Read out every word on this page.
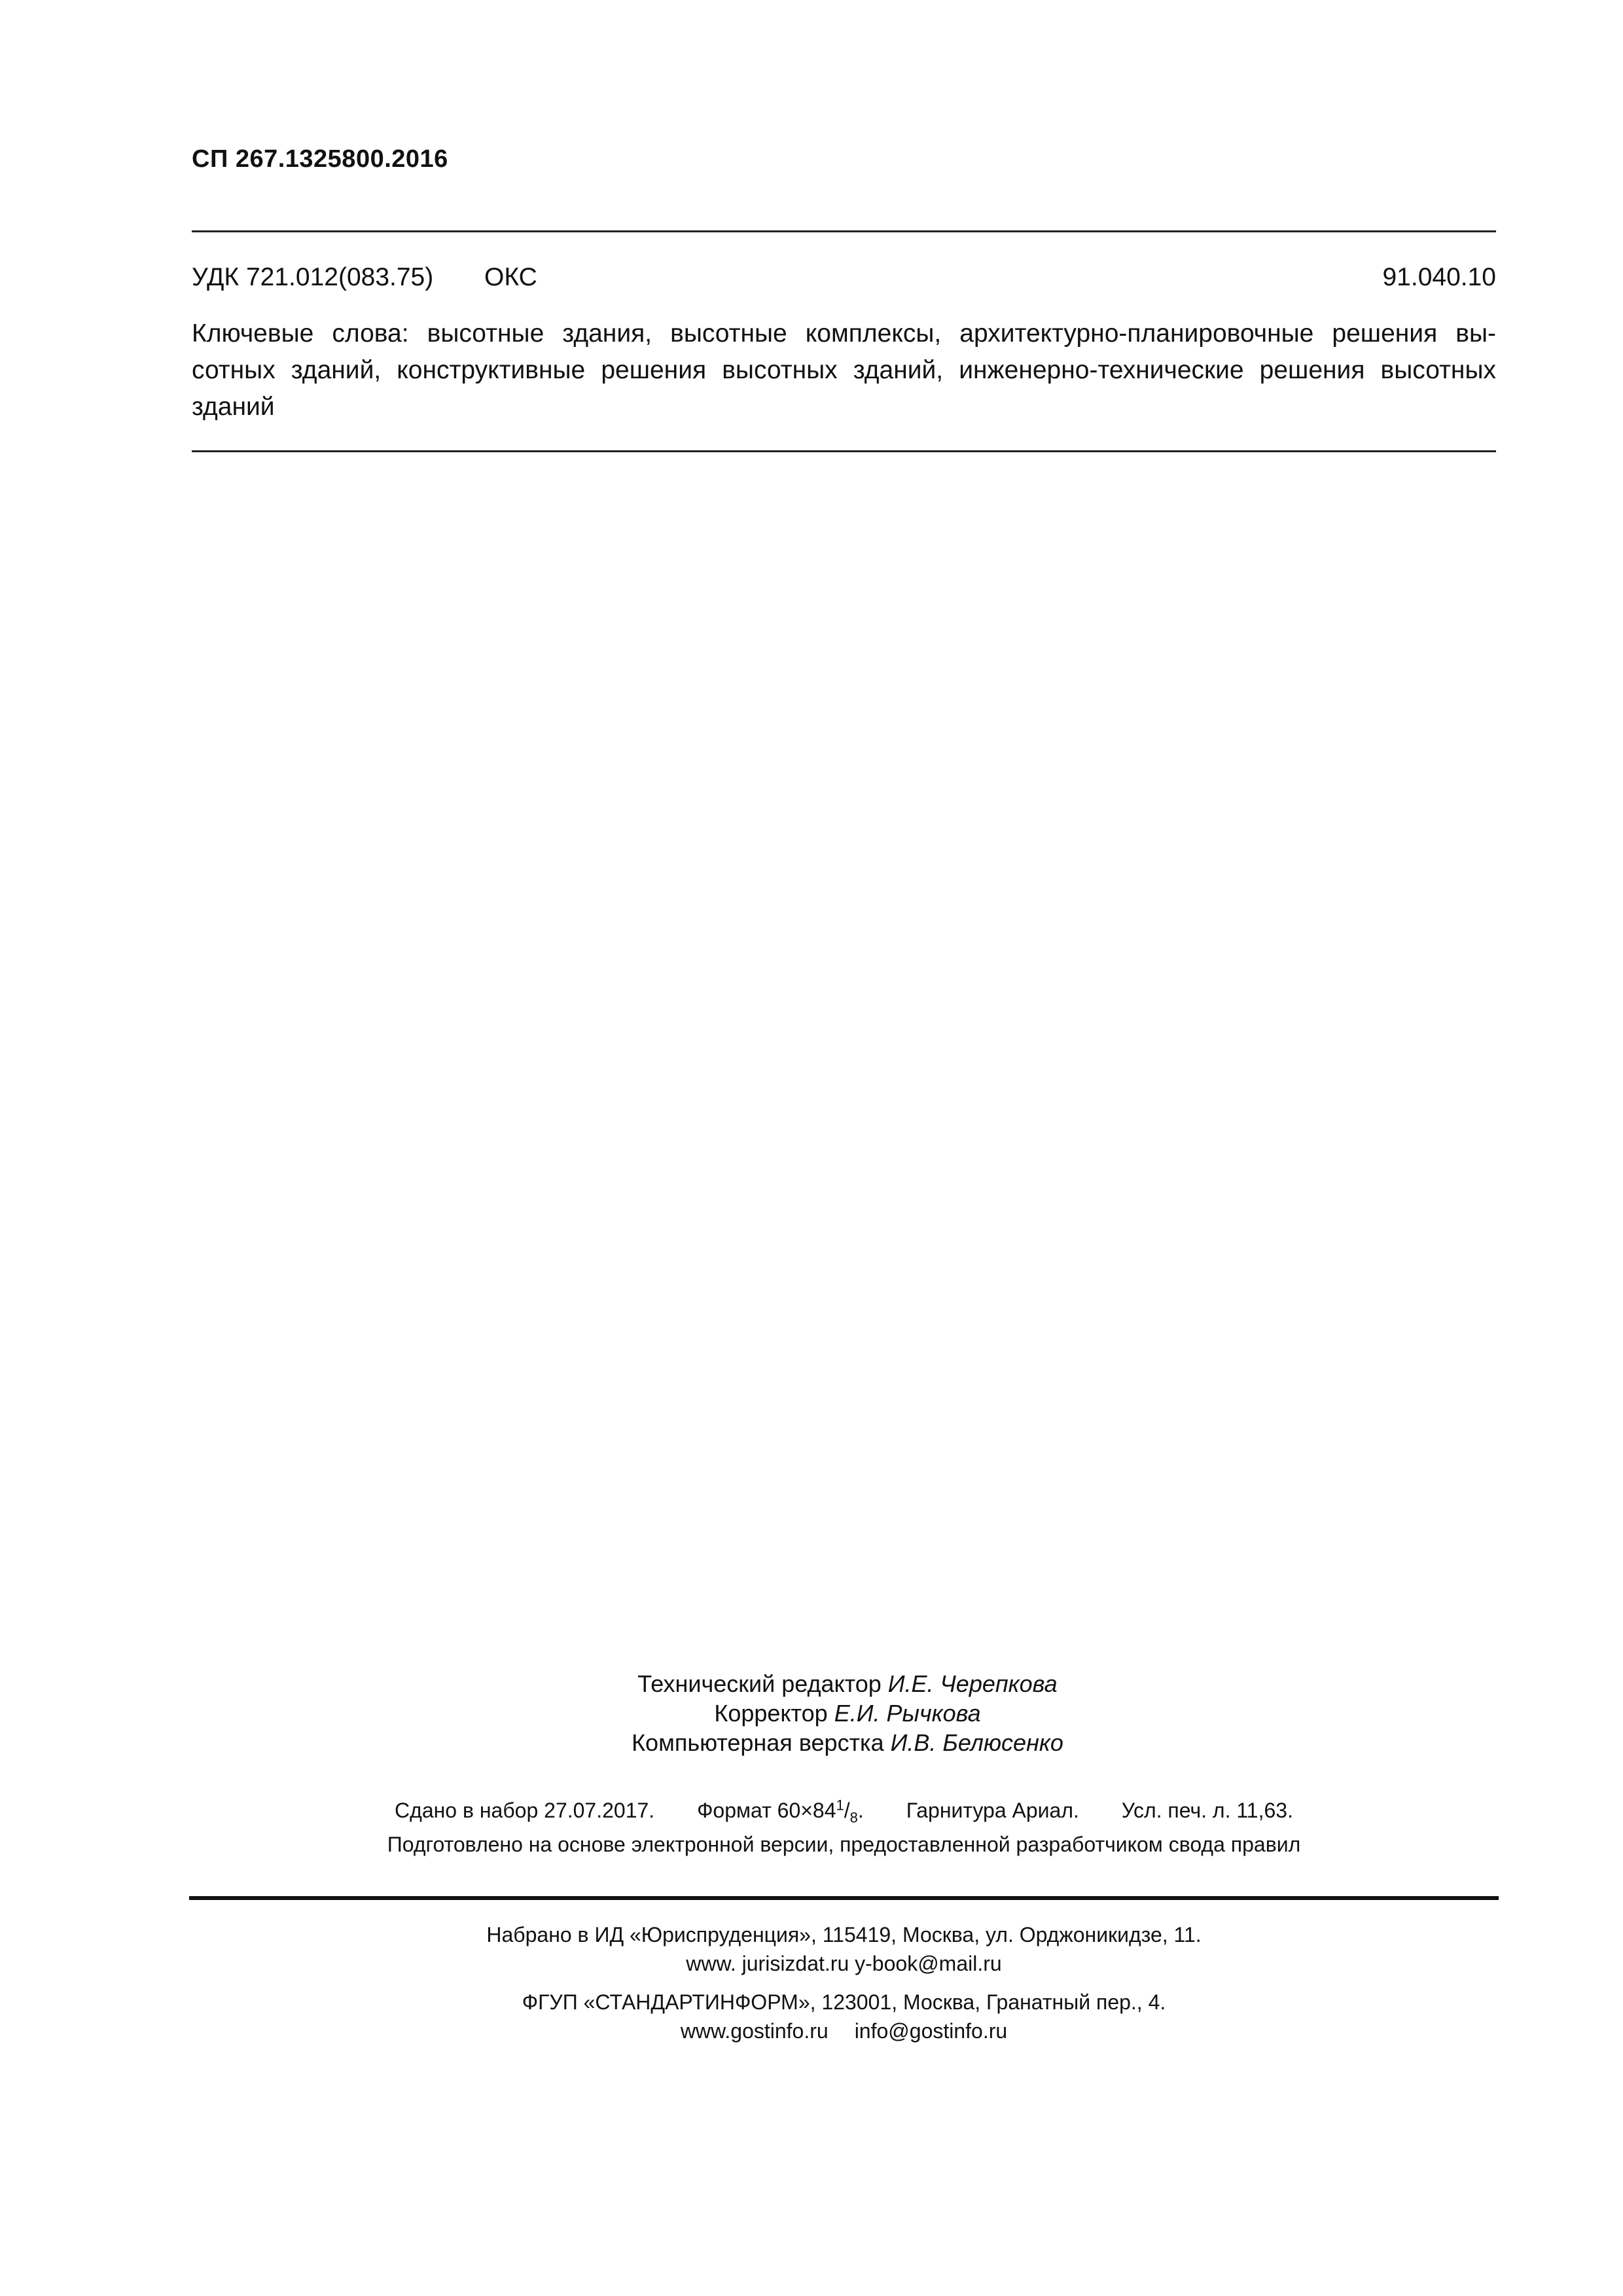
СП 267.1325800.2016
УДК 721.012(083.75) ОКС	91.040.10
Ключевые слова: высотные здания, высотные комплексы, архитектурно-планировочные решения вы-
сотных зданий, конструктивные решения высотных зданий, инженерно-технические решения высотных
зданий
Технический редактор И.Е. Черепкова
Корректор Е.И. Рычкова
Компьютерная верстка И.В. Белюсенко
Сдано в набор 27.07.2017. Формат $60\times 84^1/_8$. Гарнитура Ариал. Усл. печ. л. 11,63.
Подготовлено на основе электронной версии, предоставленной разработчиком свода правил
Набрано в ИД «Юриспруденция», 115419, Москва, ул. Орджоникидзе, 11.
www. jurisizdat.ru y-book@mail.ru
ФГУП «СТАНДАРТИНФОРМ», 123001, Москва, Гранатный пер., 4.
www.gostinfo.ru info@gostinfo.ru
